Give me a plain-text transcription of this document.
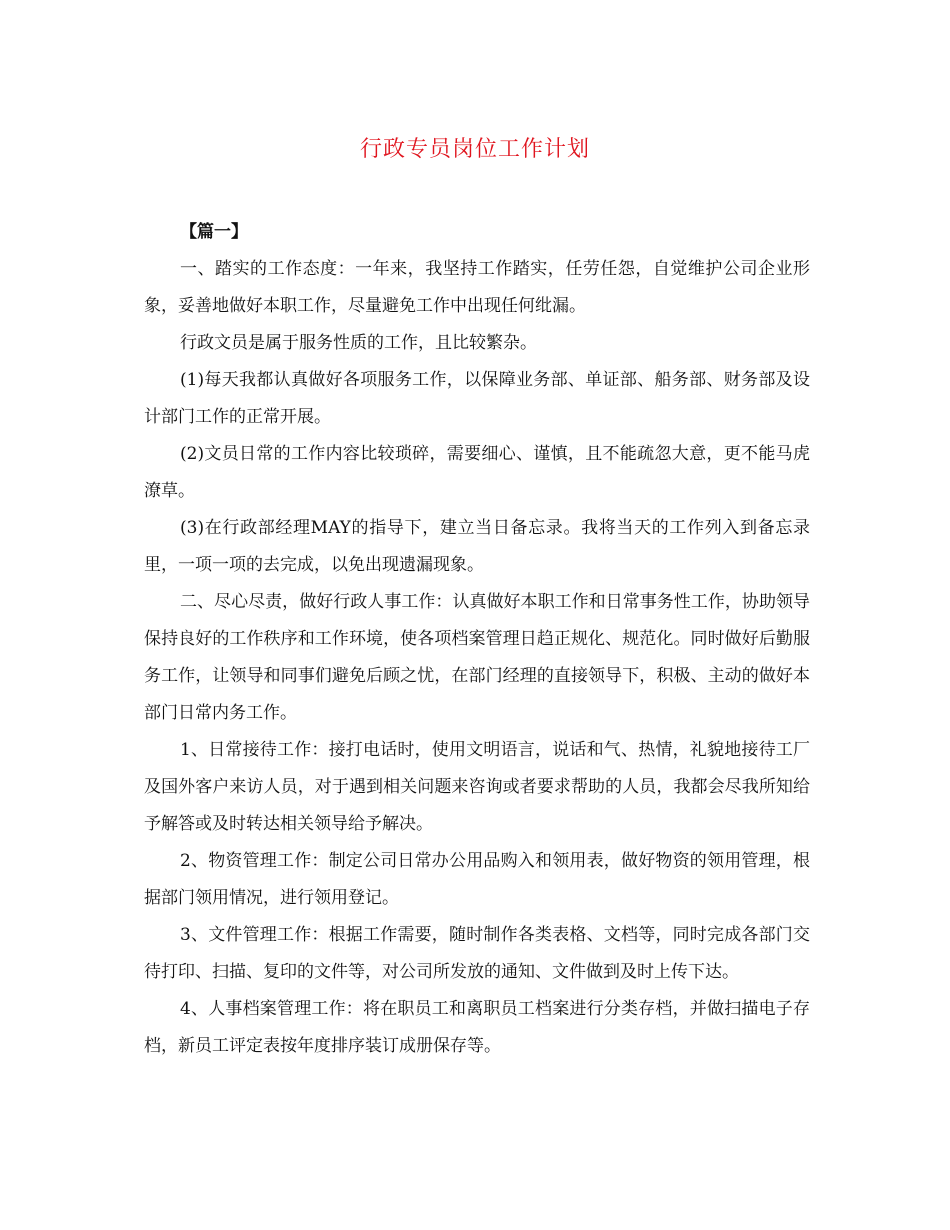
行政专员岗位工作计划

【篇一】

一、踏实的工作态度：一年来，我坚持工作踏实，任劳任怨，自觉维护公司企业形象，妥善地做好本职工作，尽量避免工作中出现任何纰漏。

行政文员是属于服务性质的工作，且比较繁杂。

(1)每天我都认真做好各项服务工作，以保障业务部、单证部、船务部、财务部及设计部门工作的正常开展。

(2)文员日常的工作内容比较琐碎，需要细心、谨慎，且不能疏忽大意，更不能马虎潦草。

(3)在行政部经理MAY的指导下，建立当日备忘录。我将当天的工作列入到备忘录里，一项一项的去完成，以免出现遗漏现象。

二、尽心尽责，做好行政人事工作：认真做好本职工作和日常事务性工作，协助领导保持良好的工作秩序和工作环境，使各项档案管理日趋正规化、规范化。同时做好后勤服务工作，让领导和同事们避免后顾之忧，在部门经理的直接领导下，积极、主动的做好本部门日常内务工作。

1、日常接待工作：接打电话时，使用文明语言，说话和气、热情，礼貌地接待工厂及国外客户来访人员，对于遇到相关问题来咨询或者要求帮助的人员，我都会尽我所知给予解答或及时转达相关领导给予解决。

2、物资管理工作：制定公司日常办公用品购入和领用表，做好物资的领用管理，根据部门领用情况，进行领用登记。

3、文件管理工作：根据工作需要，随时制作各类表格、文档等，同时完成各部门交待打印、扫描、复印的文件等，对公司所发放的通知、文件做到及时上传下达。

4、人事档案管理工作：将在职员工和离职员工档案进行分类存档，并做扫描电子存档，新员工评定表按年度排序装订成册保存等。
